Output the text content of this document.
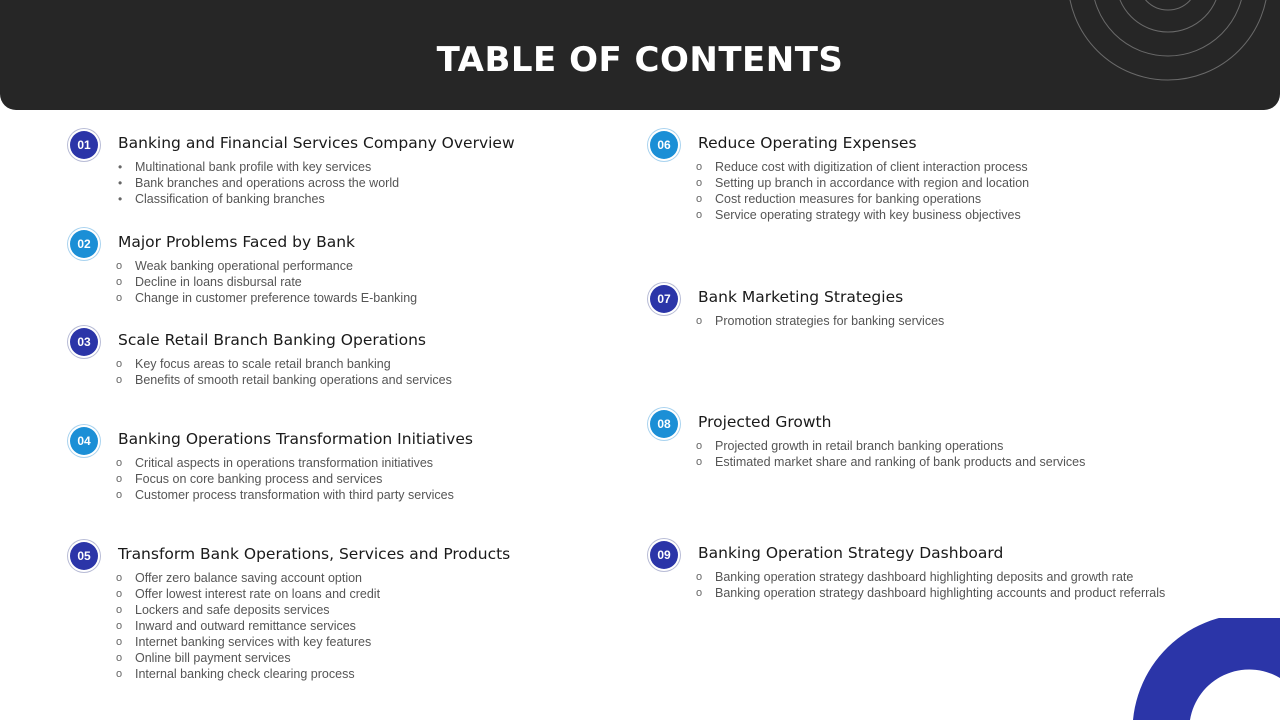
TABLE OF CONTENTS
01	Banking and Financial Services Company Overview
• Multinational bank profile with key services
• Bank branches and operations across the world
• Classification of banking branches
02	Major Problems Faced by Bank
o Weak banking operational performance
o Decline in loans disbursal rate
o Change in customer preference towards E-banking
03	Scale Retail Branch Banking Operations
o Key focus areas to scale retail branch banking
o Benefits of smooth retail banking operations and services
04	Banking Operations Transformation Initiatives
o Critical aspects in operations transformation initiatives
o Focus on core banking process and services
o Customer process transformation with third party services
05	Transform Bank Operations, Services and Products
o Offer zero balance saving account option
o Offer lowest interest rate on loans and credit
o Lockers and safe deposits services
o Inward and outward remittance services
o Internet banking services with key features
o Online bill payment services
o Internal banking check clearing process
06	Reduce Operating Expenses
o Reduce cost with digitization of client interaction process
o Setting up branch in accordance with region and location
o Cost reduction measures for banking operations
o Service operating strategy with key business objectives
07	Bank Marketing Strategies
o Promotion strategies for banking services
08	Projected Growth
o Projected growth in retail branch banking operations
o Estimated market share and ranking of bank products and services
09	Banking Operation Strategy Dashboard
o Banking operation strategy dashboard highlighting deposits and growth rate
o Banking operation strategy dashboard highlighting accounts and product referrals
